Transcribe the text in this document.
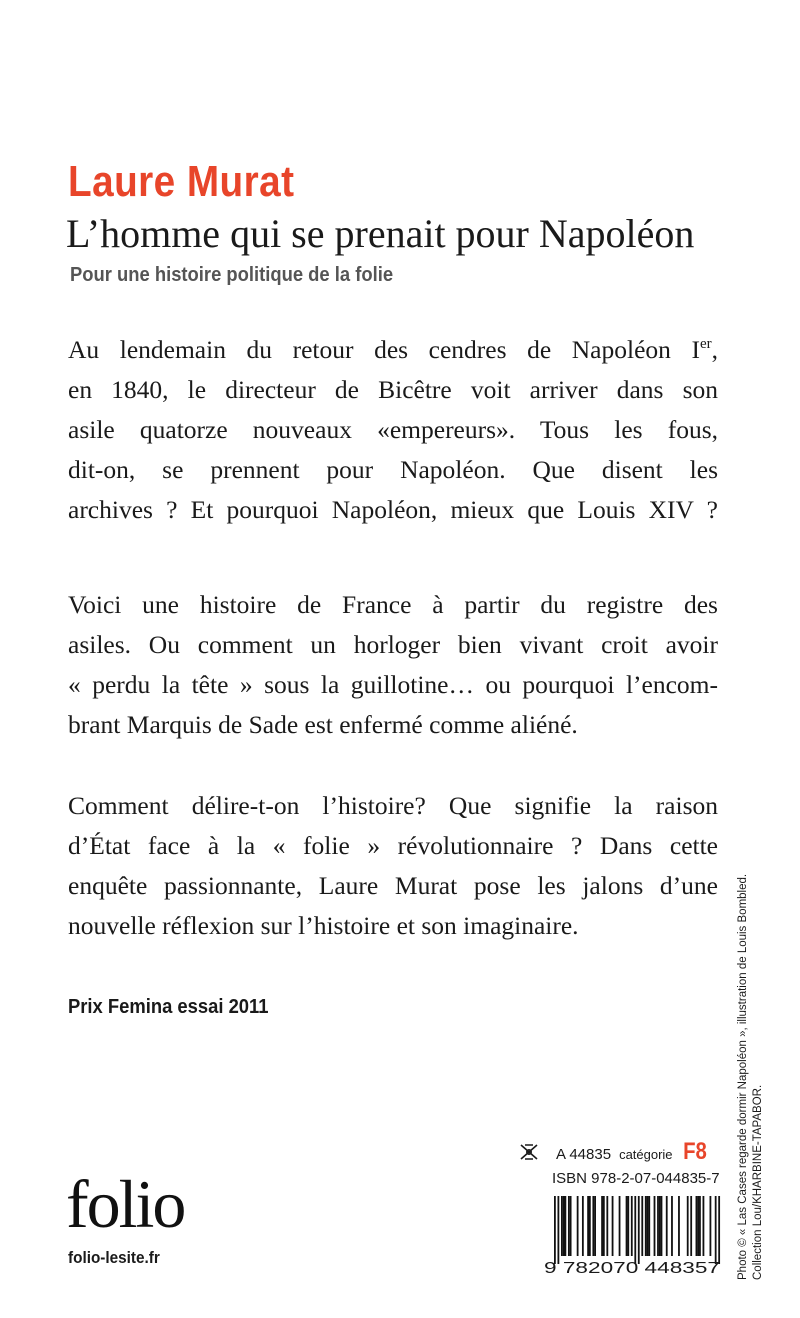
Laure Murat
L’homme qui se prenait pour Napoléon
Pour une histoire politique de la folie
Au lendemain du retour des cendres de Napoléon Ier,
en 1840, le directeur de Bicêtre voit arriver dans son
asile quatorze nouveaux «empereurs». Tous les fous,
dit-on, se prennent pour Napoléon. Que disent les
archives ? Et pourquoi Napoléon, mieux que Louis XIV ?
Voici une histoire de France à partir du registre des
asiles. Ou comment un horloger bien vivant croit avoir
« perdu la tête » sous la guillotine… ou pourquoi l’encom-
brant Marquis de Sade est enfermé comme aliéné.
Comment délire-t-on l’histoire? Que signifie la raison
d’État face à la « folie » révolutionnaire ? Dans cette
enquête passionnante, Laure Murat pose les jalons d’une
nouvelle réflexion sur l’histoire et son imaginaire.
Prix Femina essai 2011	Photo © « Las Cases regarde dormir Napoléon », illustration de Louis Bombled. Collection Lou/KHARBINE-TAPABOR.
A 44835 catégorie F8
ISBN 978-2-07-044835-7
9 782070 448357
folio
folio-lesite.fr
